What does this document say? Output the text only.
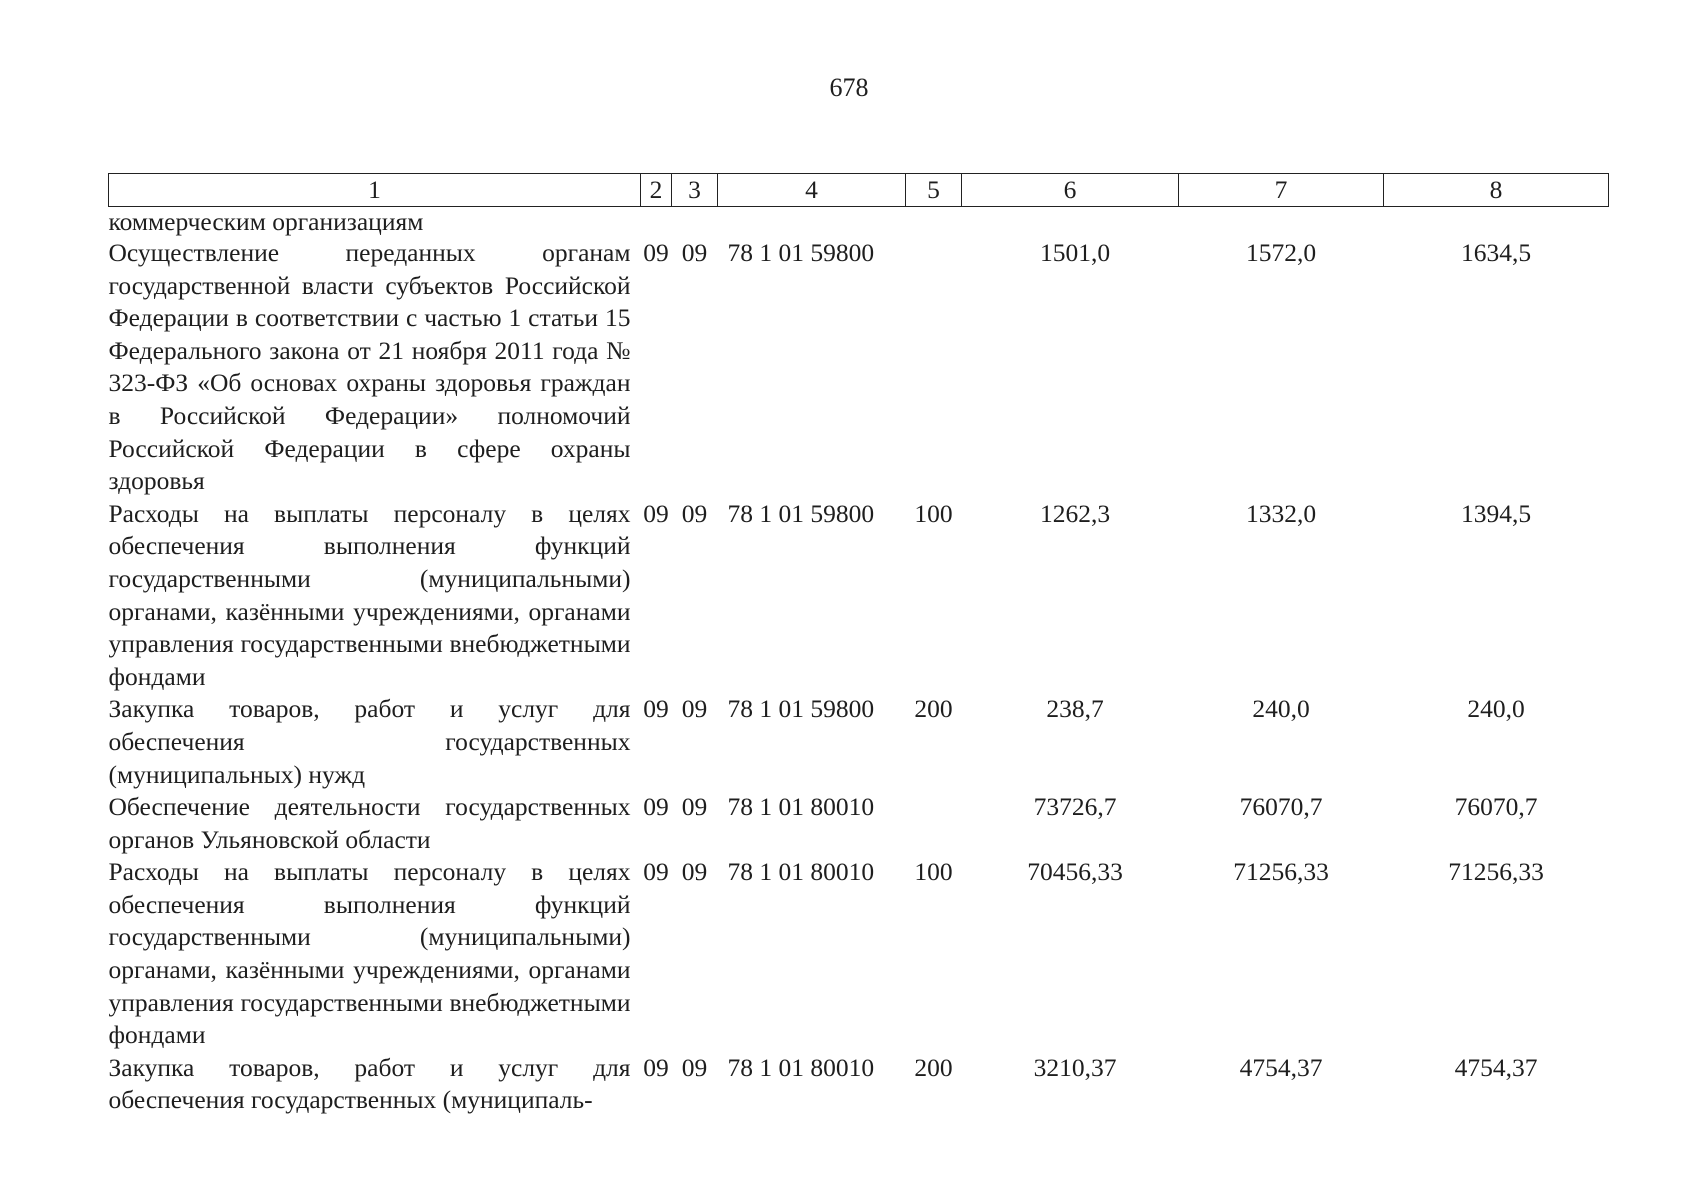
678
1	2	3	4	5	6	7	8
коммерческим организациям							
Осуществление переданных органам государственной власти субъектов Российской Федерации в соответствии с частью 1 статьи 15 Федерального закона от 21 ноября 2011 года № 323-ФЗ «Об основах охраны здоровья граждан в Российской Федерации» полномочий Российской Федерации в сфере охраны здоровья	09	09	78 1 01 59800		1501,0	1572,0	1634,5
Расходы на выплаты персоналу в целях обеспечения выполнения функций государственными (муниципальными) органами, казёнными учреждениями, органами управления государственными внебюджетными фондами	09	09	78 1 01 59800	100	1262,3	1332,0	1394,5
Закупка товаров, работ и услуг для обеспечения государственных (муниципальных) нужд	09	09	78 1 01 59800	200	238,7	240,0	240,0
Обеспечение деятельности государственных органов Ульяновской области	09	09	78 1 01 80010		73726,7	76070,7	76070,7
Расходы на выплаты персоналу в целях обеспечения выполнения функций государственными (муниципальными) органами, казёнными учреждениями, органами управления государственными внебюджетными фондами	09	09	78 1 01 80010	100	70456,33	71256,33	71256,33
Закупка товаров, работ и услуг для обеспечения государственных (муниципаль-	09	09	78 1 01 80010	200	3210,37	4754,37	4754,37
